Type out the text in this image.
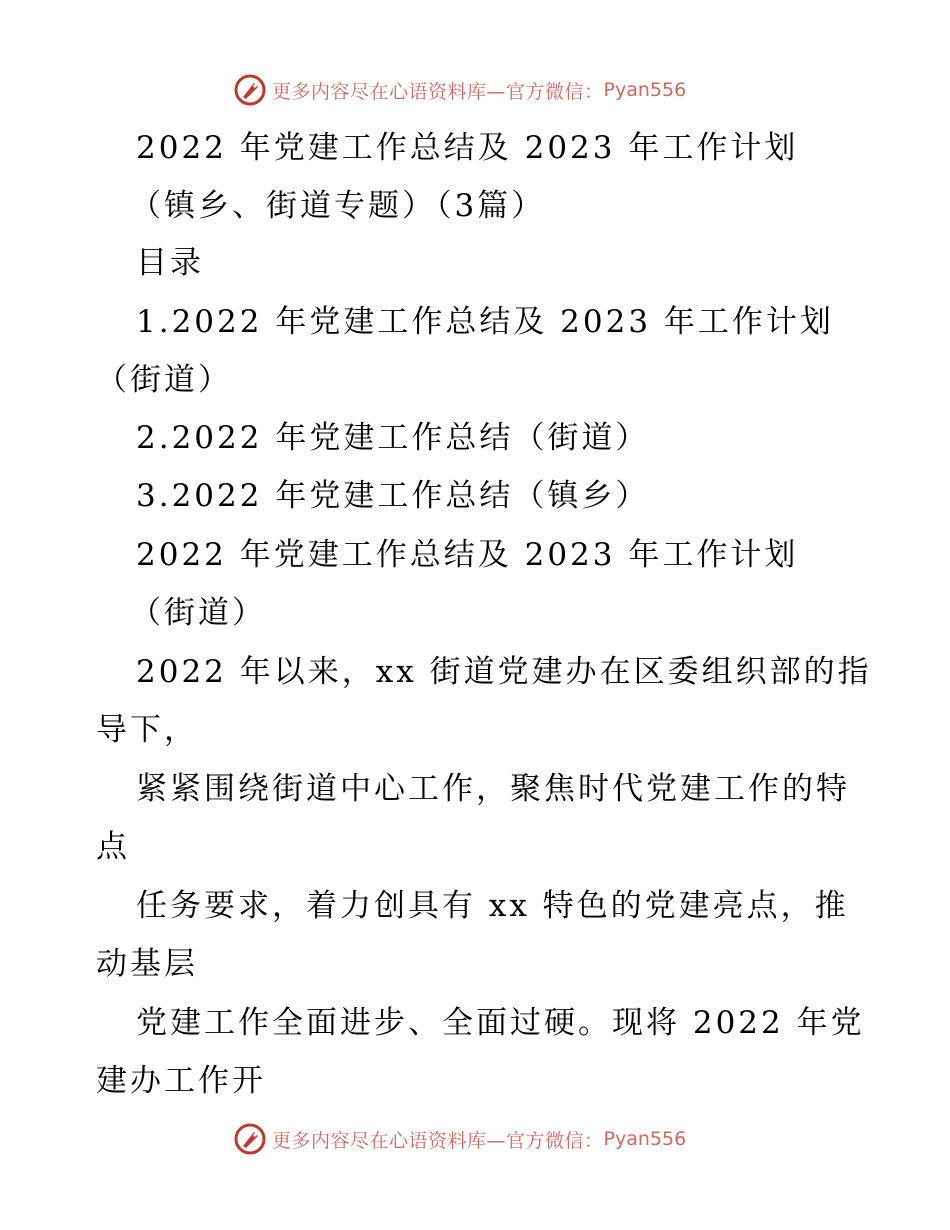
更多内容尽在心语资料库—官方微信： Pyan556
2022 年党建工作总结及 2023 年工作计划
（镇乡、街道专题）（3篇）
目录
1.2022 年党建工作总结及 2023 年工作计划
（街道）
2.2022 年党建工作总结（街道）
3.2022 年党建工作总结（镇乡）
2022 年党建工作总结及 2023 年工作计划
（街道）
2022 年以来，xx 街道党建办在区委组织部的指
导下，
紧紧围绕街道中心工作，聚焦时代党建工作的特
点
任务要求，着力创具有 xx 特色的党建亮点，推
动基层
党建工作全面进步、全面过硬。现将 2022 年党
建办工作开
更多内容尽在心语资料库—官方微信： Pyan556
